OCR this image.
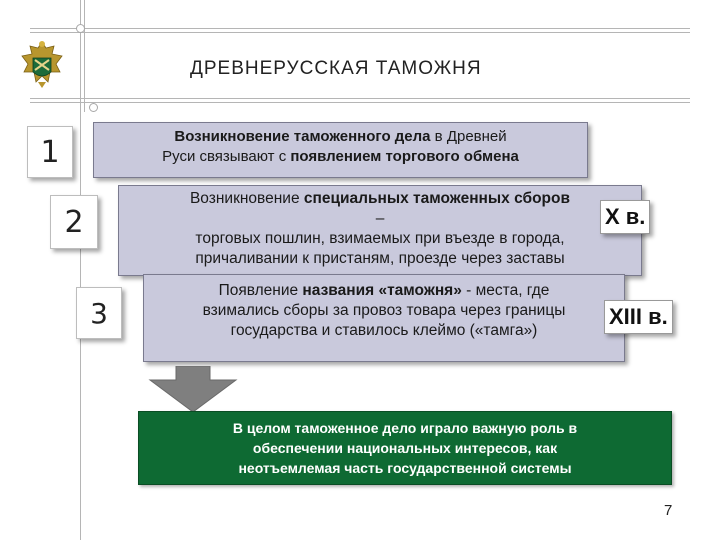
ДРЕВНЕРУССКАЯ ТАМОЖНЯ
1
2
3
Возникновение таможенного дела в Древней
Руси связывают с появлением торгового обмена
Возникновение специальных таможенных сборов
–
торговых пошлин, взимаемых при въезде в города,
причаливании к пристаням, проезде через заставы
X в.
Появление названия «таможня» - места, где
взимались сборы за провоз товара через границы
государства и ставилось клеймо («тамга»)
XIII в.
В целом таможенное дело играло важную роль в
обеспечении национальных интересов, как
неотъемлемая часть государственной системы
7
